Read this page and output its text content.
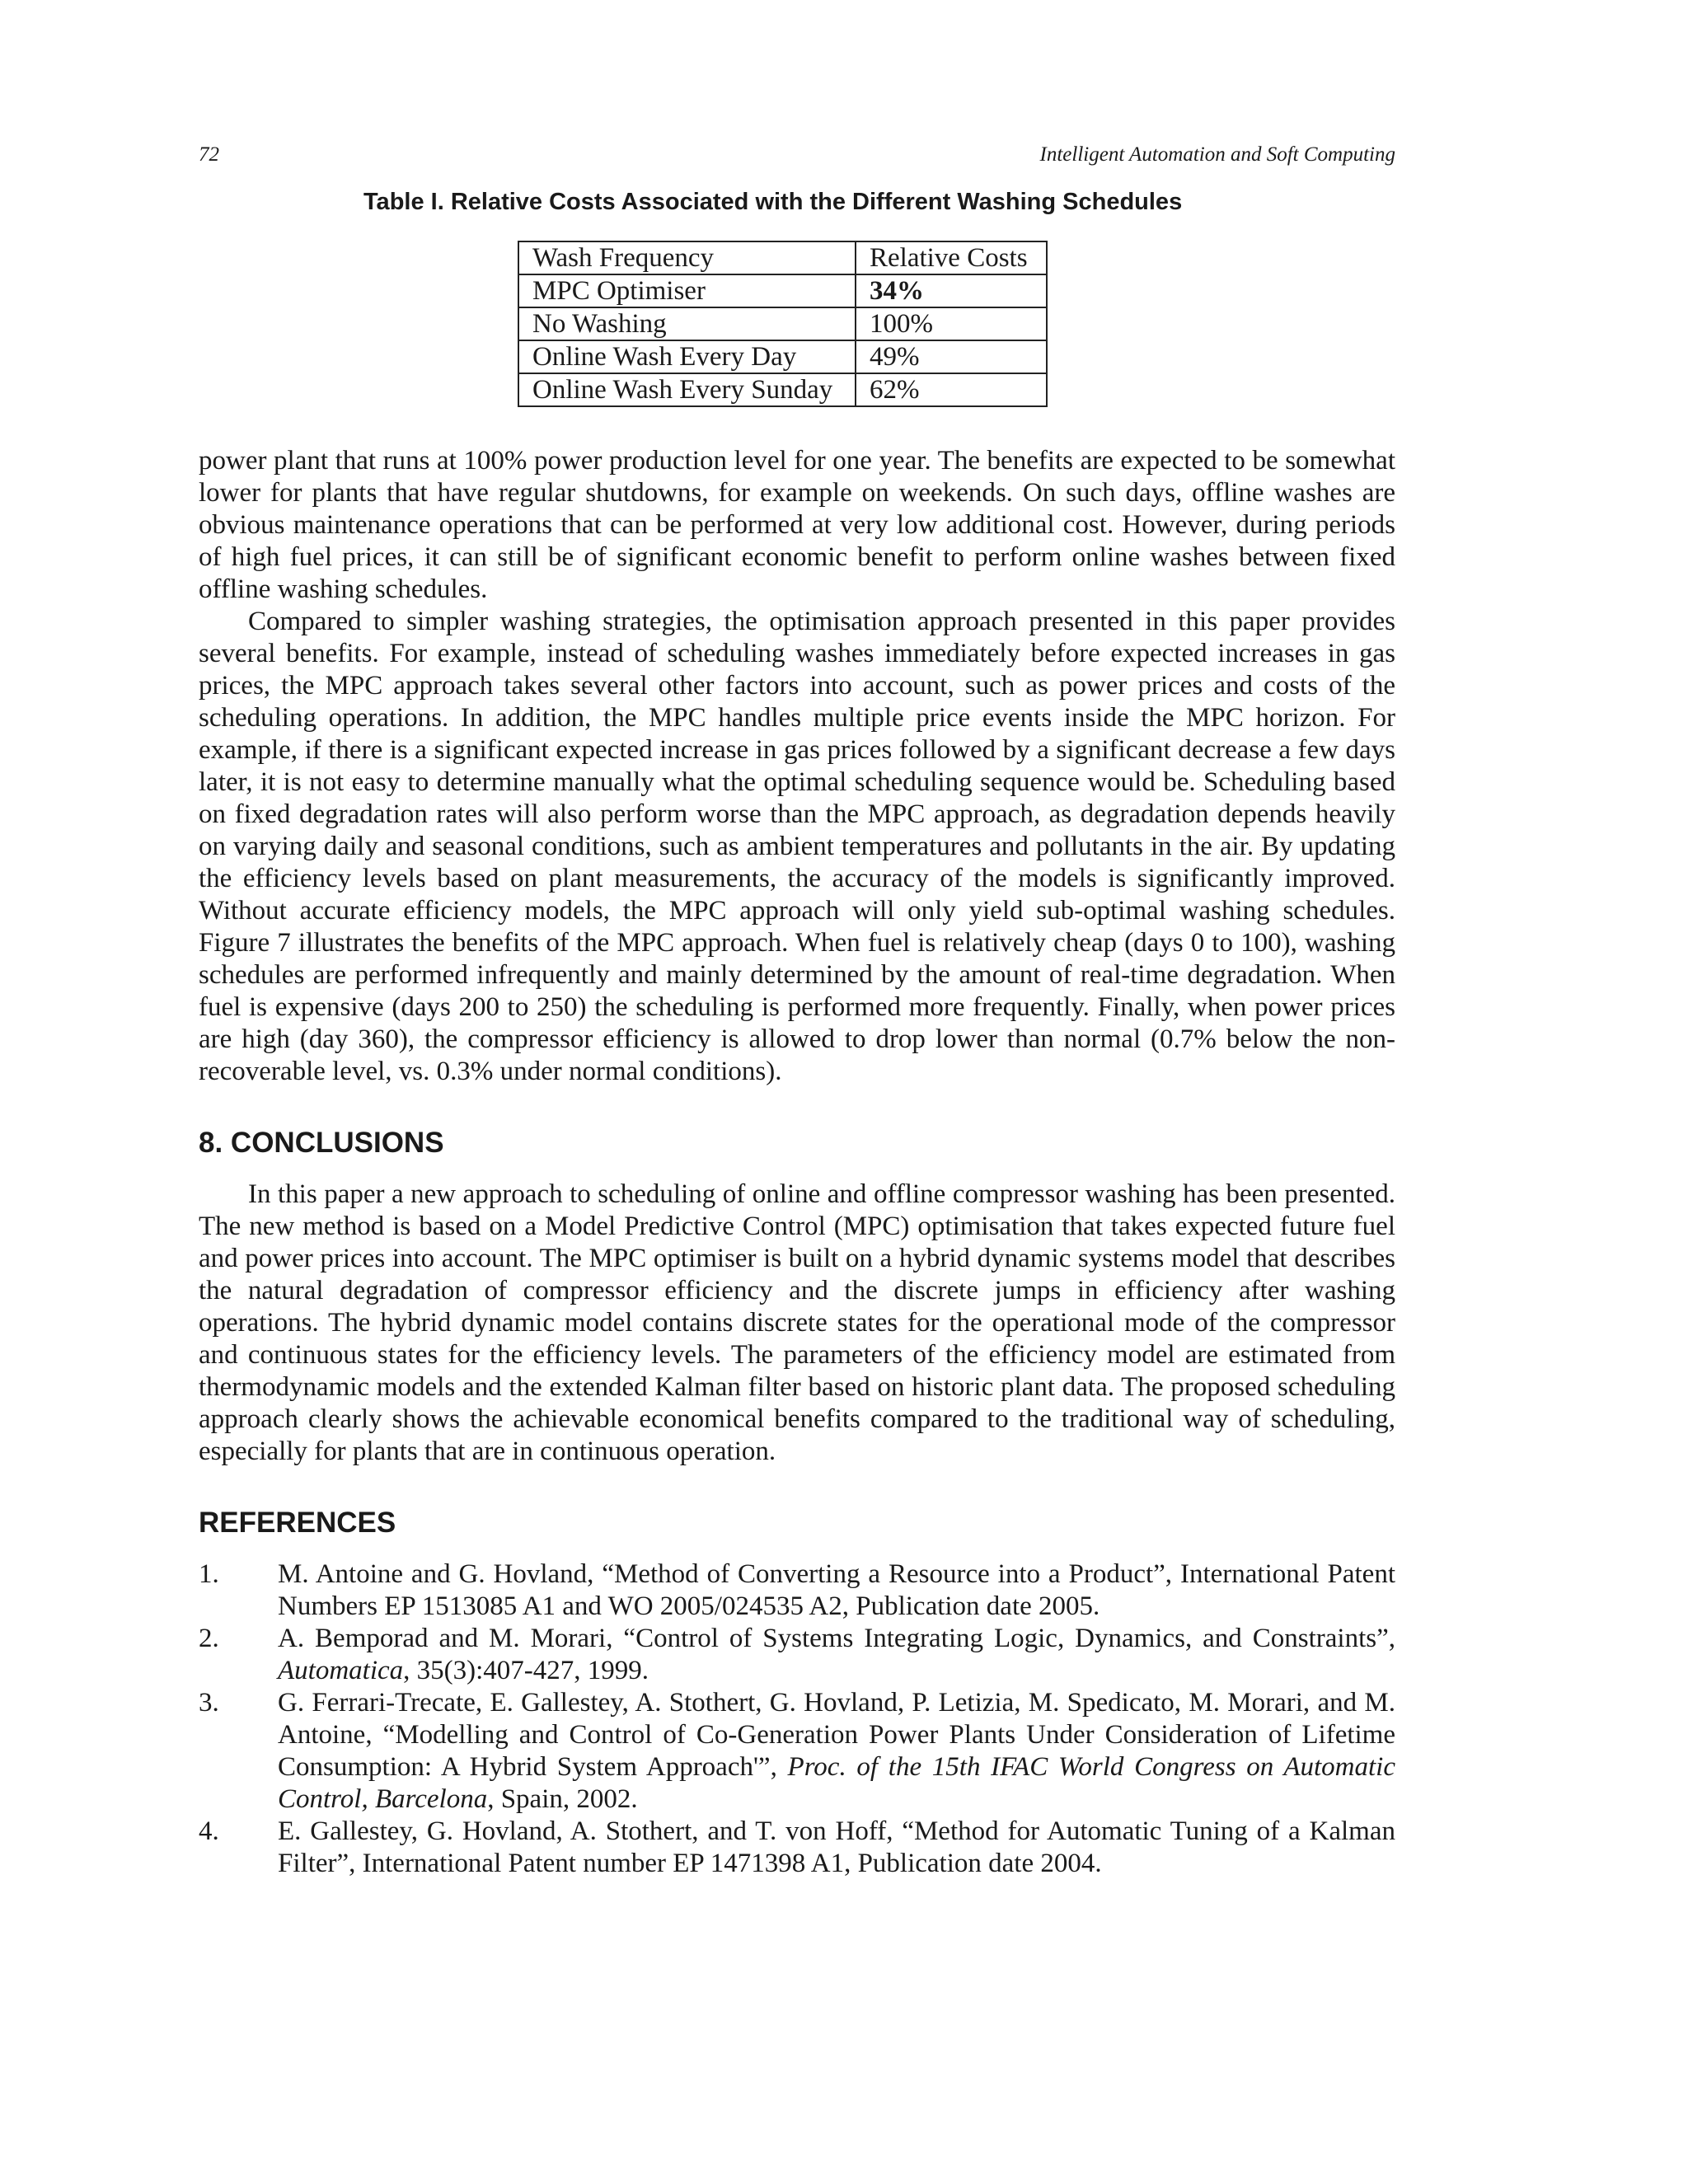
72	Intelligent Automation and Soft Computing
Table I. Relative Costs Associated with the Different Washing Schedules
Wash Frequency	Relative Costs
MPC Optimiser	34%
No Washing	100%
Online Wash Every Day	49%
Online Wash Every Sunday	62%

power plant that runs at 100% power production level for one year. The benefits are expected to be somewhat lower for plants that have regular shutdowns, for example on weekends. On such days, offline washes are obvious maintenance operations that can be performed at very low additional cost. However, during periods of high fuel prices, it can still be of significant economic benefit to perform online washes between fixed offline washing schedules.

Compared to simpler washing strategies, the optimisation approach presented in this paper provides several benefits. For example, instead of scheduling washes immediately before expected increases in gas prices, the MPC approach takes several other factors into account, such as power prices and costs of the scheduling operations. In addition, the MPC handles multiple price events inside the MPC horizon. For example, if there is a significant expected increase in gas prices followed by a significant decrease a few days later, it is not easy to determine manually what the optimal scheduling sequence would be. Scheduling based on fixed degradation rates will also perform worse than the MPC approach, as degradation depends heavily on varying daily and seasonal conditions, such as ambient temperatures and pollutants in the air. By updating the efficiency levels based on plant measurements, the accuracy of the models is significantly improved. Without accurate efficiency models, the MPC approach will only yield sub-optimal washing schedules. Figure 7 illustrates the benefits of the MPC approach. When fuel is relatively cheap (days 0 to 100), washing schedules are performed infrequently and mainly determined by the amount of real-time degradation. When fuel is expensive (days 200 to 250) the scheduling is performed more frequently. Finally, when power prices are high (day 360), the compressor efficiency is allowed to drop lower than normal (0.7% below the non-recoverable level, vs. 0.3% under normal conditions).

8. CONCLUSIONS

In this paper a new approach to scheduling of online and offline compressor washing has been presented. The new method is based on a Model Predictive Control (MPC) optimisation that takes expected future fuel and power prices into account. The MPC optimiser is built on a hybrid dynamic systems model that describes the natural degradation of compressor efficiency and the discrete jumps in efficiency after washing operations. The hybrid dynamic model contains discrete states for the operational mode of the compressor and continuous states for the efficiency levels. The parameters of the efficiency model are estimated from thermodynamic models and the extended Kalman filter based on historic plant data. The proposed scheduling approach clearly shows the achievable economical benefits compared to the traditional way of scheduling, especially for plants that are in continuous operation.

REFERENCES
1.	M. Antoine and G. Hovland, “Method of Converting a Resource into a Product”, International Patent Numbers EP 1513085 A1 and WO 2005/024535 A2, Publication date 2005.
2.	A. Bemporad and M. Morari, “Control of Systems Integrating Logic, Dynamics, and Constraints”, Automatica, 35(3):407-427, 1999.
3.	G. Ferrari-Trecate, E. Gallestey, A. Stothert, G. Hovland, P. Letizia, M. Spedicato, M. Morari, and M. Antoine, “Modelling and Control of Co-Generation Power Plants Under Consideration of Lifetime Consumption: A Hybrid System Approach'”, Proc. of the 15th IFAC World Congress on Automatic Control, Barcelona, Spain, 2002.
4.	E. Gallestey, G. Hovland, A. Stothert, and T. von Hoff, “Method for Automatic Tuning of a Kalman Filter”, International Patent number EP 1471398 A1, Publication date 2004.
